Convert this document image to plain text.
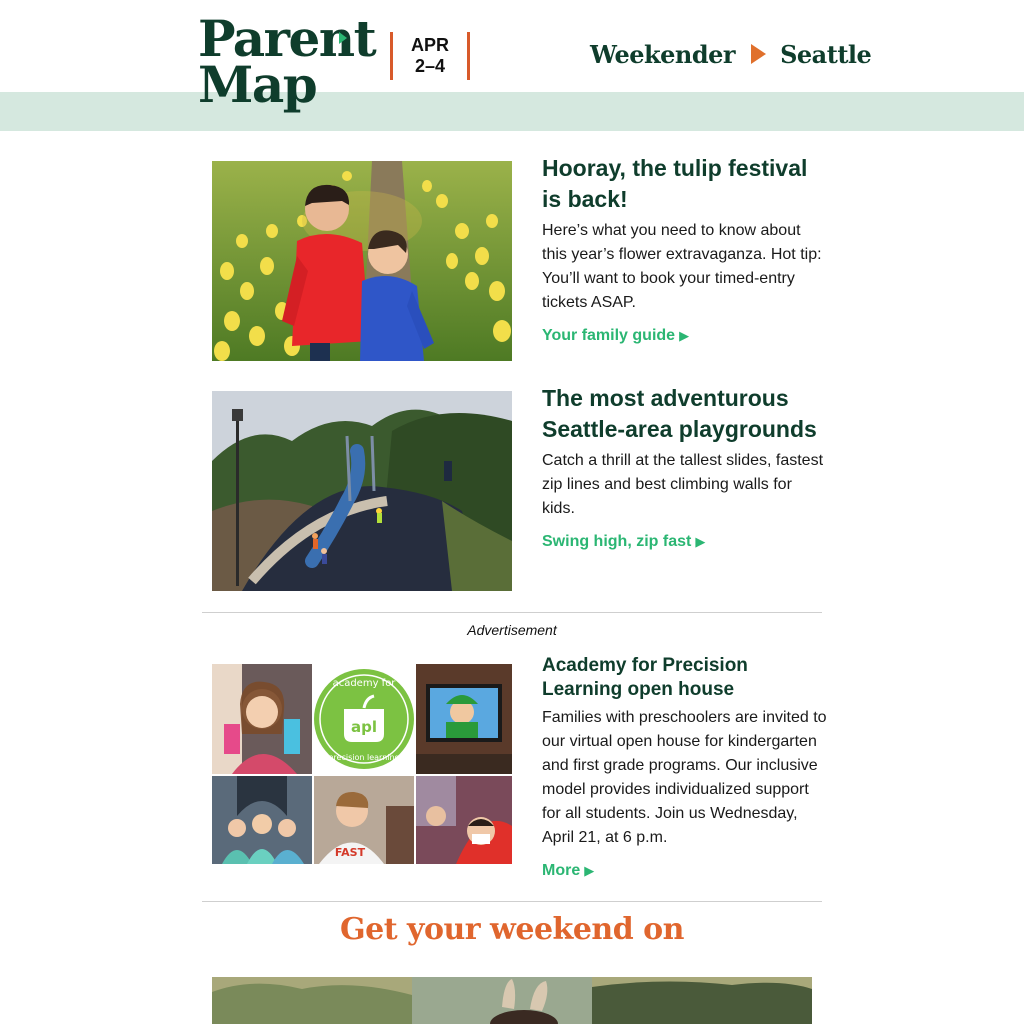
Parent
Map
APR
2–4	Weekender Seattle
Hooray, the tulip festival is back!

Here’s what you need to know about this year’s flower extravaganza. Hot tip: You’ll want to book your timed-entry tickets ASAP.

Your family guide ▶
The most adventurous Seattle-area playgrounds

Catch a thrill at the tallest slides, fastest zip lines and best climbing walls for kids.

Swing high, zip fast ▶
Advertisement
academy for
apl
precision learning
FAST
Academy for Precision Learning open house

Families with preschoolers are invited to our virtual open house for kindergarten and first grade programs. Our inclusive model provides individualized support for all students. Join us Wednesday, April 21, at 6 p.m.

More ▶
Get your weekend on
